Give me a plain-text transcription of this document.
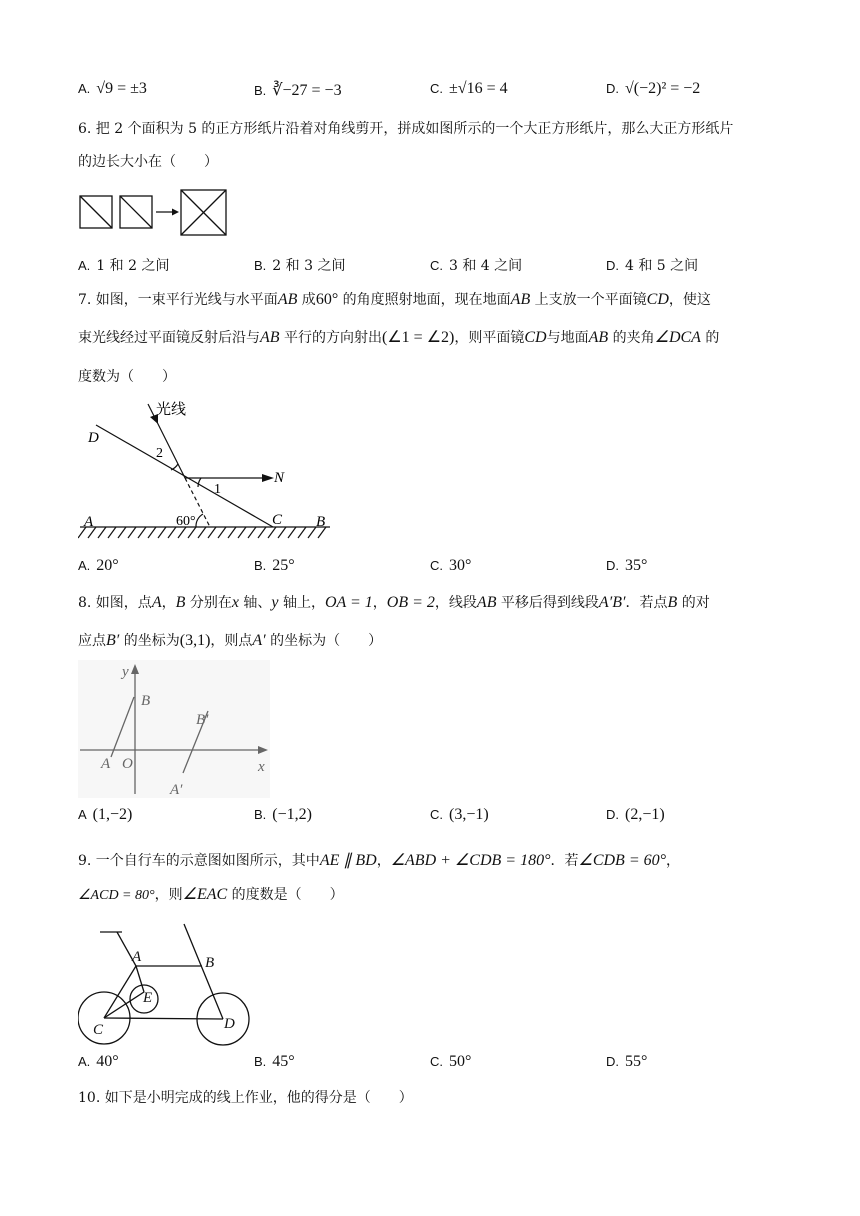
A. √9 = ±3	B. ∛−27 = −3	C. ±√16 = 4	D. √(−2)² = −2
6. 把 2 个面积为 5 的正方形纸片沿着对角线剪开，拼成如图所示的一个大正方形纸片，那么大正方形纸片
的边长大小在（　　）
A. 1 和 2 之间	B. 2 和 3 之间	C. 3 和 4 之间	D. 4 和 5 之间
7. 如图，一束平行光线与水平面AB 成60° 的角度照射地面，现在地面AB 上支放一个平面镜CD，使这
束光线经过平面镜反射后沿与AB 平行的方向射出(∠1 = ∠2)，则平面镜CD与地面AB 的夹角∠DCA 的
度数为（　　）
光线
D
2
1
N
A	60°	C B
A. 20°	B. 25°	C. 30°	D. 35°
8. 如图，点A，B 分别在x 轴、y 轴上，OA = 1，OB = 2，线段AB 平移后得到线段A′B′．若点B 的对
应点B′ 的坐标为(3,1)，则点A′ 的坐标为（　　）
y
x
B
A O
B′
A′
A (1,−2)	B. (−1,2)	C. (3,−1)	D. (2,−1)
9. 一个自行车的示意图如图所示，其中AE ∥ BD，∠ABD + ∠CDB = 180°．若∠CDB = 60°，
∠ACD = 80°，则∠EAC 的度数是（　　）
A	B
E
C	D
A. 40°	B. 45°	C. 50°	D. 55°
10. 如下是小明完成的线上作业，他的得分是（　　）
